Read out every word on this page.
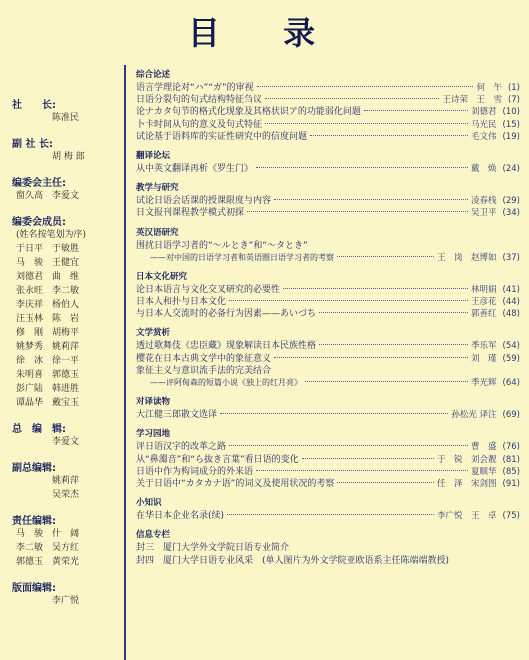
目 录
社　　长:
陈准民
副 社 长:
胡 梅 郎
编委会主任:
窗久高　李爱文
编委会成员:
(姓名按笔划为序)
于日平　于敏胜
马　骏　王健宜
刘德君　曲　维
张永旺　李二敏
李庆祥　杨伯人
汪玉林　陈　岩
修　刚　胡梅平
姚梦秀　姚莉萍
徐　冰　徐一平
朱明喜　郭德玉
彭广陆　韩进胜
谭晶华　戴宝玉
总　编　辑:
李爱文
副总编辑:
姚莉萍
吴荣杰
责任编辑:
马　骏　什　阔
李二敏　吴方红
郭德玉　黄荣光
版面编辑:
李广悦
综合论述
语言学理论对“ハ”“ガ”的审视	何　午 (1)
日语分裂句的句式结构特征刍议	王诗荣　王　雪 (7)
论ナカタ句节的格式化现象及其格状识ア的功能弱化问题	刘德君 (10)
卜卡时间从句的意义及句式特征	马光民 (15)
试论基于语料库的实证性研究中的信度问题	毛文伟 (19)
翻译论坛
从中英文翻译再析《罗生门》	戴　焕 (24)
教学与研究
试论日语会话课的授课限度与内容	凌春栈 (29)
日文报刊课程教学模式初探	吴卫平 (34)
英汉语研究
围扰日语学习者的“～ルとき”和“～タとき”
——对中国的日语学习者和英语圈日语学习者的考察	王　岗　赵博如 (37)
日本文化研究
论日本语言与文化交叉研究的必要性	林明娟 (41)
日本人和扑与日本文化	王彦花 (44)
与日本人交流时的必备行为因素——あいづち	郭善红 (48)
文学赏析
透过歌舞伎《忠臣藏》现象解读日本民族性格	季乐军 (54)
樱花在日本古典文学中的象征意义	刘　瑾 (59)
象征主义与意识流手法的完美结合
——评阿甸森的短篇小说《独上的红月亮》	季光辉 (64)
对译读物
大江健三郎散文选译	孙松光 译注 (69)
学习园地
评日语汉字的改革之路	曹　盛 (76)
从“鼻濁音”和“ら抜き言葉”看日语的变化	于　锐　刘会靓 (81)
日语中作为构词成分的外来语	夏顺华 (85)
关于日语中“カタカナ语”的词义及使用状况的考察	任　泽　宋剑图 (91)
小知识
在华日本企业名录(续)	李广悦　王　卓 (75)
信息专栏
封三　厦门大学外文学院日语专业简介
封四　厦门大学日语专业风采　(单人图片为外文学院亚欧语系主任陈端端教授)
